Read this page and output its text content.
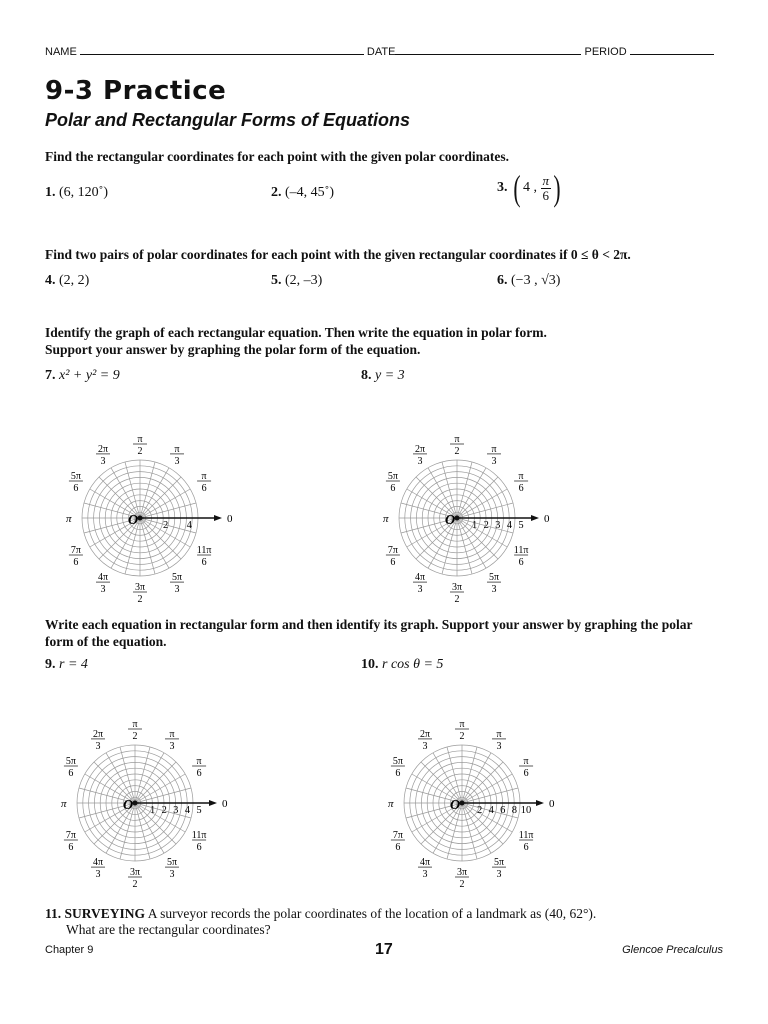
NAME	DATE	PERIOD
9-3 Practice
Polar and Rectangular Forms of Equations
Find the rectangular coordinates for each point with the given polar coordinates.
1. (6, 120˚)	2. (–4, 45˚)	3. ( 4 , $\frac{\pi}{6}$ )
Find two pairs of polar coordinates for each point with the given rectangular coordinates if 0 ≤ θ < 2π.
4. (2, 2)	5. (2, –3)	6. (−3 , √3)
Identify the graph of each rectangular equation. Then write the equation in polar form.
Support your answer by graphing the polar form of the equation.
7. x² + y² = 9	8. y = 3
O	0
π
2 4
π
2	π
3
2π
3
π
6
5π
6
7π
6
11π
6
4π
3	3π
2
5π
3
O	0
π
1 2 3 4 5
π
2	π
3
2π
3
π
6
5π
6
7π
6
11π
6
4π
3	3π
2
5π
3
Write each equation in rectangular form and then identify its graph. Support your answer by graphing the polar
form of the equation.
9. r = 4	10. r cos θ = 5
O	0
π
1 2 3 4 5
π
2	π
3
2π
3
π
6
5π
6
7π
6
11π
6
4π
3	3π
2
5π
3
O	0
π
2 4 6 8 10
π
2	π
3
2π
3
π
6
5π
6
7π
6
11π
6
4π
3	3π
2
5π
3
11. SURVEYING A surveyor records the polar coordinates of the location of a landmark as (40, 62°).
What are the rectangular coordinates?
Chapter 9	17	Glencoe Precalculus
